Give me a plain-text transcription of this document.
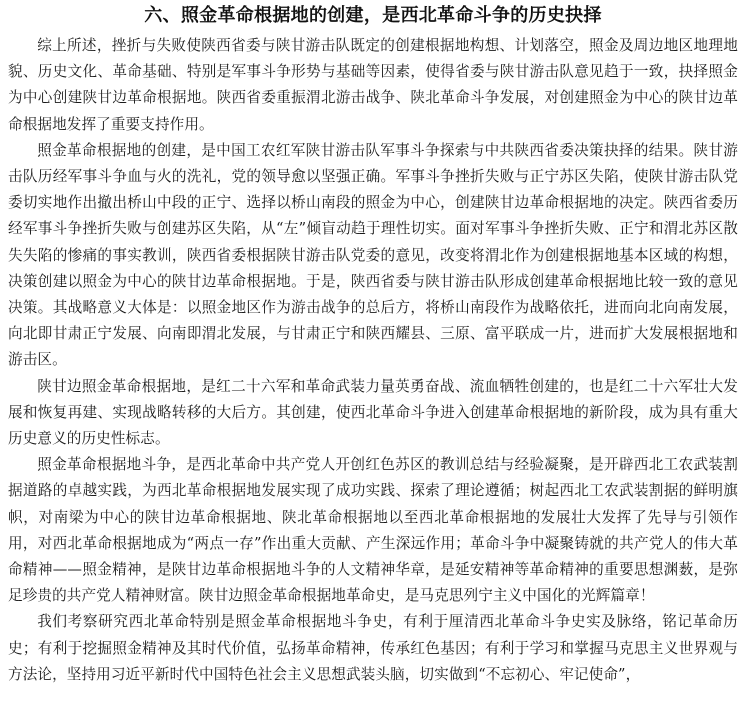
六、照金革命根据地的创建，是西北革命斗争的历史抉择

综上所述，挫折与失败使陕西省委与陕甘游击队既定的创建根据地构想、计划落空，照金及周边地区地理地貌、历史文化、革命基础、特别是军事斗争形势与基础等因素，使得省委与陕甘游击队意见趋于一致，抉择照金为中心创建陕甘边革命根据地。陕西省委重振渭北游击战争、陕北革命斗争发展，对创建照金为中心的陕甘边革命根据地发挥了重要支持作用。

照金革命根据地的创建，是中国工农红军陕甘游击队军事斗争探索与中共陕西省委决策抉择的结果。陕甘游击队历经军事斗争血与火的洗礼，党的领导愈以坚强正确。军事斗争挫折失败与正宁苏区失陷，使陕甘游击队党委切实地作出撤出桥山中段的正宁、选择以桥山南段的照金为中心，创建陕甘边革命根据地的决定。陕西省委历经军事斗争挫折失败与创建苏区失陷，从“左”倾盲动趋于理性切实。面对军事斗争挫折失败、正宁和渭北苏区散失失陷的惨痛的事实教训，陕西省委根据陕甘游击队党委的意见，改变将渭北作为创建根据地基本区域的构想，决策创建以照金为中心的陕甘边革命根据地。于是，陕西省委与陕甘游击队形成创建革命根据地比较一致的意见决策。其战略意义大体是：以照金地区作为游击战争的总后方，将桥山南段作为战略依托，进而向北向南发展，向北即甘肃正宁发展、向南即渭北发展，与甘肃正宁和陕西耀县、三原、富平联成一片，进而扩大发展根据地和游击区。

陕甘边照金革命根据地，是红二十六军和革命武装力量英勇奋战、流血牺牲创建的，也是红二十六军壮大发展和恢复再建、实现战略转移的大后方。其创建，使西北革命斗争进入创建革命根据地的新阶段，成为具有重大历史意义的历史性标志。

照金革命根据地斗争，是西北革命中共产党人开创红色苏区的教训总结与经验凝聚，是开辟西北工农武装割据道路的卓越实践，为西北革命根据地发展实现了成功实践、探索了理论遵循；树起西北工农武装割据的鲜明旗帜，对南梁为中心的陕甘边革命根据地、陕北革命根据地以至西北革命根据地的发展壮大发挥了先导与引领作用，对西北革命根据地成为“两点一存”作出重大贡献、产生深远作用；革命斗争中凝聚铸就的共产党人的伟大革命精神——照金精神，是陕甘边革命根据地斗争的人文精神华章，是延安精神等革命精神的重要思想渊薮，是弥足珍贵的共产党人精神财富。陕甘边照金革命根据地革命史，是马克思列宁主义中国化的光辉篇章！

我们考察研究西北革命特别是照金革命根据地斗争史，有利于厘清西北革命斗争史实及脉络，铭记革命历史；有利于挖掘照金精神及其时代价值，弘扬革命精神，传承红色基因；有利于学习和掌握马克思主义世界观与方法论，坚持用习近平新时代中国特色社会主义思想武装头脑，切实做到“不忘初心、牢记使命”，
